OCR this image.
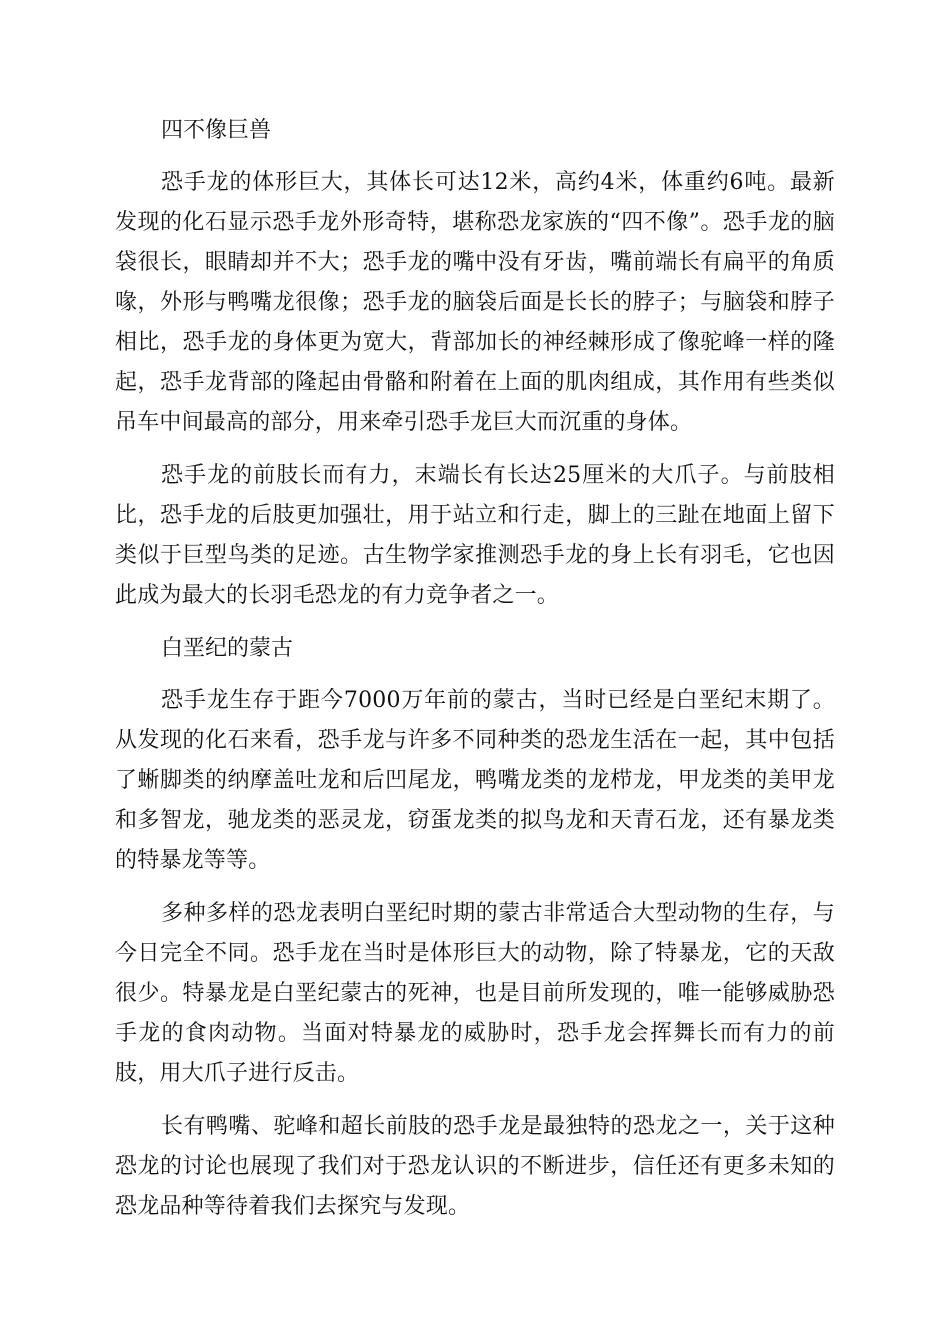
四不像巨兽

恐手龙的体形巨大，其体长可达12米，高约4米，体重约6吨。最新发现的化石显示恐手龙外形奇特，堪称恐龙家族的“四不像”。恐手龙的脑袋很长，眼睛却并不大；恐手龙的嘴中没有牙齿，嘴前端长有扁平的角质喙，外形与鸭嘴龙很像；恐手龙的脑袋后面是长长的脖子；与脑袋和脖子相比，恐手龙的身体更为宽大，背部加长的神经棘形成了像驼峰一样的隆起，恐手龙背部的隆起由骨骼和附着在上面的肌肉组成，其作用有些类似吊车中间最高的部分，用来牵引恐手龙巨大而沉重的身体。

恐手龙的前肢长而有力，末端长有长达25厘米的大爪子。与前肢相比，恐手龙的后肢更加强壮，用于站立和行走，脚上的三趾在地面上留下类似于巨型鸟类的足迹。古生物学家推测恐手龙的身上长有羽毛，它也因此成为最大的长羽毛恐龙的有力竞争者之一。

白垩纪的蒙古

恐手龙生存于距今7000万年前的蒙古，当时已经是白垩纪末期了。从发现的化石来看，恐手龙与许多不同种类的恐龙生活在一起，其中包括了蜥脚类的纳摩盖吐龙和后凹尾龙，鸭嘴龙类的龙栉龙，甲龙类的美甲龙和多智龙，驰龙类的恶灵龙，窃蛋龙类的拟鸟龙和天青石龙，还有暴龙类的特暴龙等等。

多种多样的恐龙表明白垩纪时期的蒙古非常适合大型动物的生存，与今日完全不同。恐手龙在当时是体形巨大的动物，除了特暴龙，它的天敌很少。特暴龙是白垩纪蒙古的死神，也是目前所发现的，唯一能够威胁恐手龙的食肉动物。当面对特暴龙的威胁时，恐手龙会挥舞长而有力的前肢，用大爪子进行反击。

长有鸭嘴、驼峰和超长前肢的恐手龙是最独特的恐龙之一，关于这种恐龙的讨论也展现了我们对于恐龙认识的不断进步，信任还有更多未知的恐龙品种等待着我们去探究与发现。
